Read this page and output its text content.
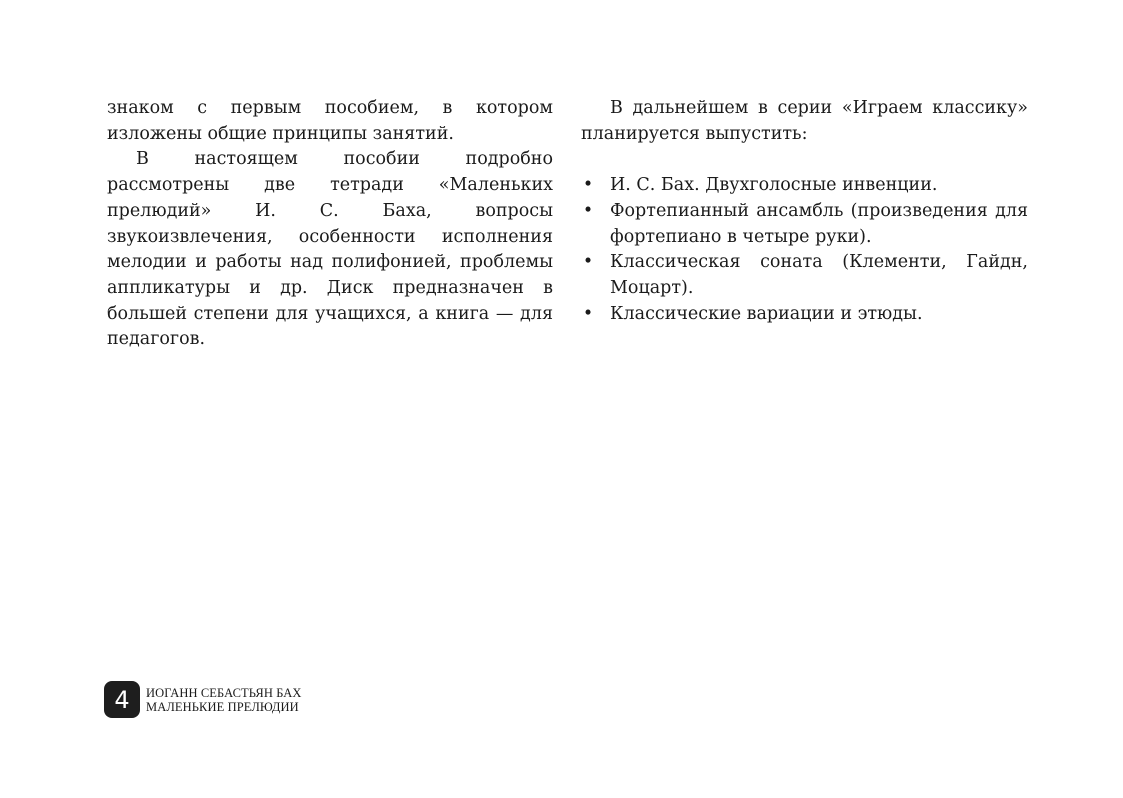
знаком с первым пособием, в котором изложены общие принципы занятий.

В настоящем пособии подробно рассмотрены две тетради «Маленьких прелюдий» И. С. Баха, вопросы звукоизвлечения, особенности исполнения мелодии и работы над полифонией, проблемы аппликатуры и др. Диск предназначен в большей степени для учащихся, а книга — для педагогов.

В дальнейшем в серии «Играем классику» планируется выпустить:

• И. С. Бах. Двухголосные инвенции.
• Фортепианный ансамбль (произведения для фортепиано в четыре руки).
• Классическая соната (Клементи, Гайдн, Моцарт).
• Классические вариации и этюды.
4	ИОГАНН СЕБАСТЬЯН БАХ
МАЛЕНЬКИЕ ПРЕЛЮДИИ
